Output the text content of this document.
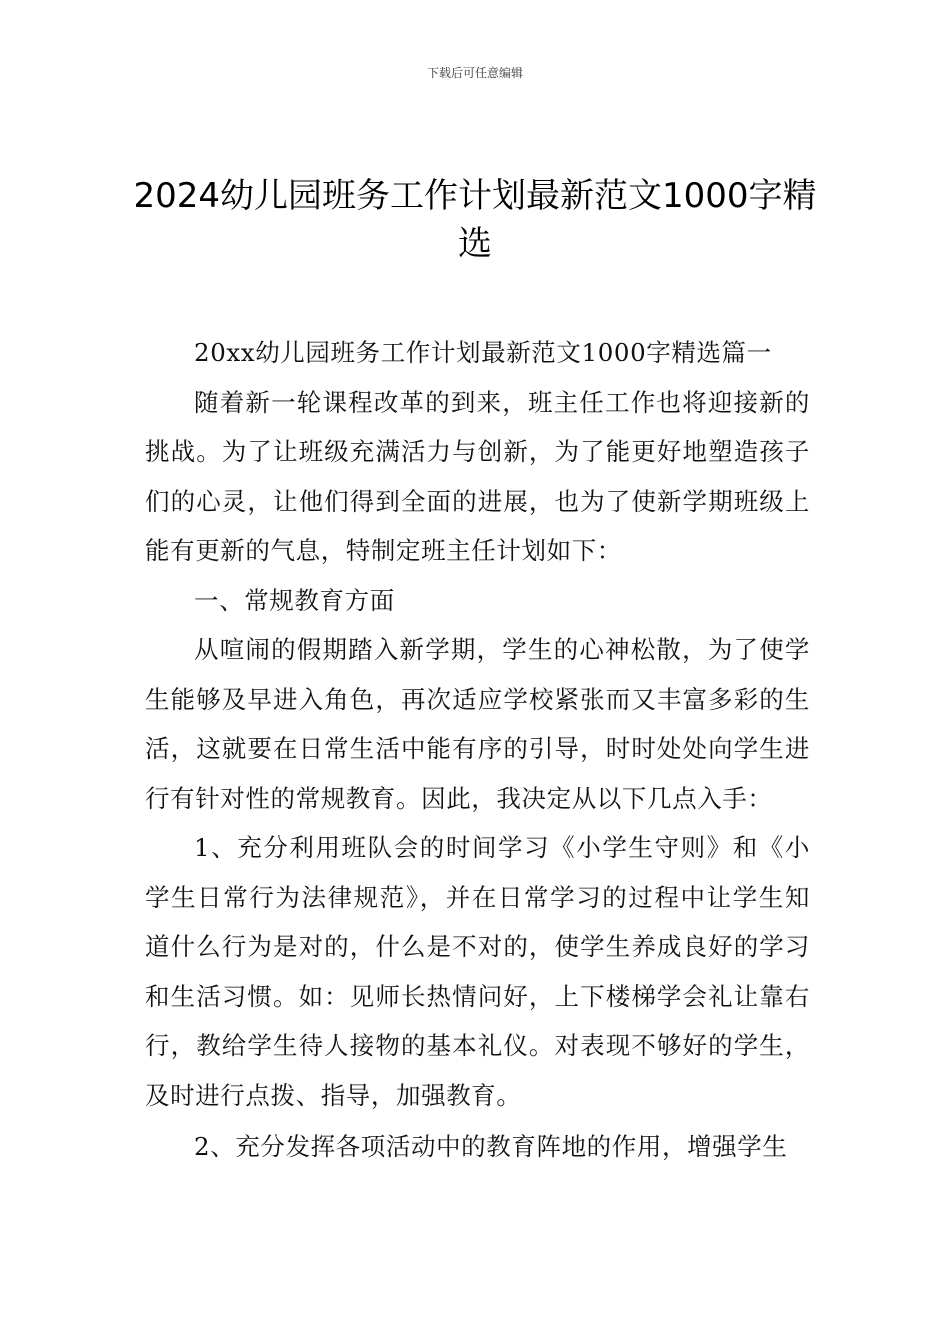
下载后可任意编辑
2024幼儿园班务工作计划最新范文1000字精选

20xx幼儿园班务工作计划最新范文1000字精选篇一

随着新一轮课程改革的到来，班主任工作也将迎接新的挑战。为了让班级充满活力与创新，为了能更好地塑造孩子们的心灵，让他们得到全面的进展，也为了使新学期班级上能有更新的气息，特制定班主任计划如下：

一、常规教育方面

从喧闹的假期踏入新学期，学生的心神松散，为了使学生能够及早进入角色，再次适应学校紧张而又丰富多彩的生活，这就要在日常生活中能有序的引导，时时处处向学生进行有针对性的常规教育。因此，我决定从以下几点入手：

1、充分利用班队会的时间学习《小学生守则》和《小学生日常行为法律规范》，并在日常学习的过程中让学生知道什么行为是对的，什么是不对的，使学生养成良好的学习和生活习惯。如：见师长热情问好，上下楼梯学会礼让靠右行，教给学生待人接物的基本礼仪。对表现不够好的学生，及时进行点拨、指导，加强教育。

2、充分发挥各项活动中的教育阵地的作用，增强学生
